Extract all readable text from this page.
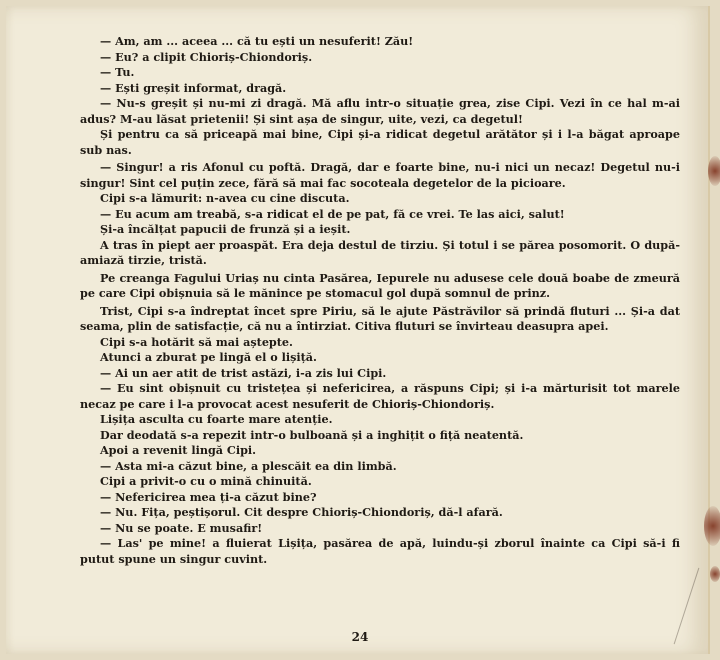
— Am, am ... aceea ... că tu ești un nesuferit! Zău!

— Eu? a clipit Chioriș-Chiondoriș.

— Tu.

— Ești greșit informat, dragă.

— Nu-s greșit și nu-mi zi dragă. Mă aflu intr-o situație grea, zise Cipi. Vezi în ce hal m-ai adus? M-au lăsat prietenii! Și sint așa de singur, uite, vezi, ca degetul!

Și pentru ca să priceapă mai bine, Cipi și-a ridicat degetul arătător și i l-a băgat aproape sub nas.

— Singur! a ris Afonul cu poftă. Dragă, dar e foarte bine, nu-i nici un necaz! Degetul nu-i singur! Sint cel puțin zece, fără să mai fac socoteala degetelor de la picioare.

Cipi s-a lămurit: n-avea cu cine discuta.

— Eu acum am treabă, s-a ridicat el de pe pat, fă ce vrei. Te las aici, salut!

Și-a încălțat papucii de frunză și a ieșit.

A tras în piept aer proaspăt. Era deja destul de tirziu. Și totul i se părea posomorit. O după-amiază tirzie, tristă.

Pe creanga Fagului Uriaș nu cinta Pasărea, Iepurele nu adusese cele două boabe de zmeură pe care Cipi obișnuia să le mănince pe stomacul gol după somnul de prinz.

Trist, Cipi s-a îndreptat încet spre Piriu, să le ajute Păstrăvilor să prindă fluturi ... Și-a dat seama, plin de satisfacție, că nu a întirziat. Citiva fluturi se învirteau deasupra apei.

Cipi s-a hotărit să mai aștepte.

Atunci a zburat pe lingă el o lișiță.

— Ai un aer atit de trist astăzi, i-a zis lui Cipi.

— Eu sint obișnuit cu tristețea și nefericirea, a răspuns Cipi; și i-a mărturisit tot marele necaz pe care i l-a provocat acest nesuferit de Chioriș-Chiondoriș.

Lișița asculta cu foarte mare atenție.

Dar deodată s-a repezit intr-o bulboană și a inghițit o fiță neatentă.

Apoi a revenit lingă Cipi.

— Asta mi-a căzut bine, a plescăit ea din limbă.

Cipi a privit-o cu o mină chinuită.

— Nefericirea mea ți-a căzut bine?

— Nu. Fița, peștișorul. Cit despre Chioriș-Chiondoriș, dă-l afară.

— Nu se poate. E musafir!

— Las' pe mine! a fluierat Lișița, pasărea de apă, luindu-și zborul înainte ca Cipi să-i fi putut spune un singur cuvint.

24
